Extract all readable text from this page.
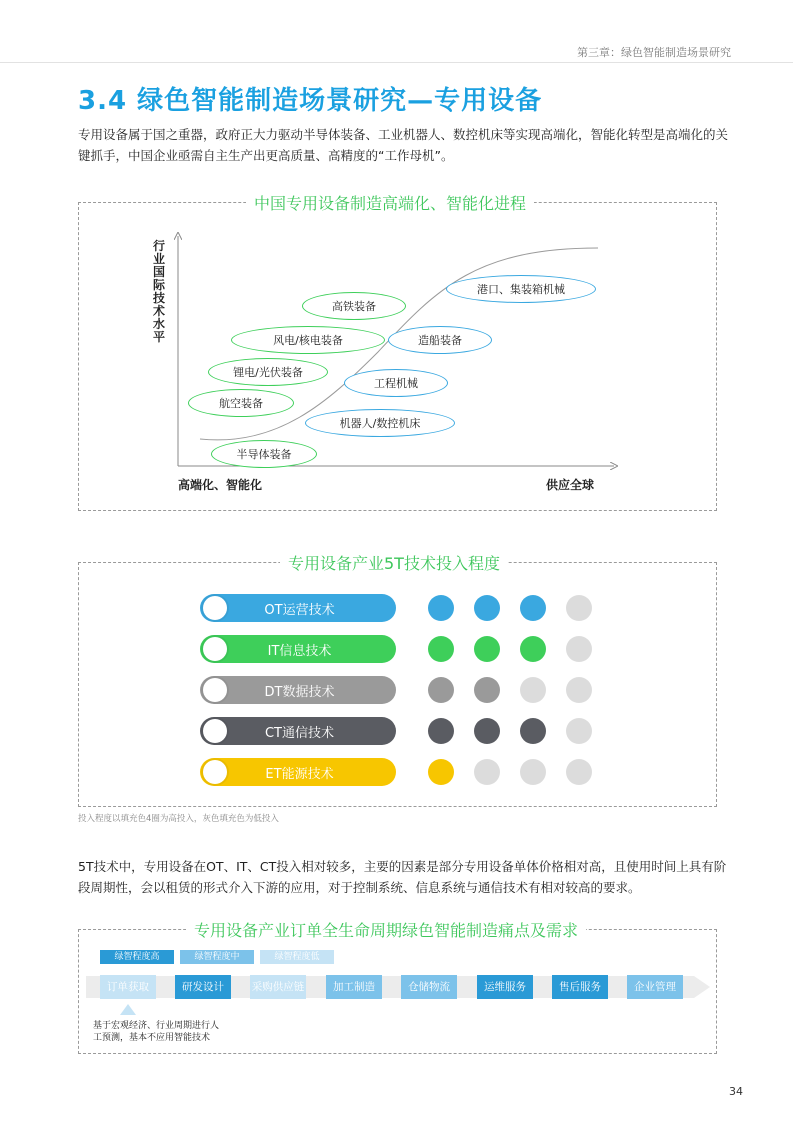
第三章：绿色智能制造场景研究
3.4 绿色智能制造场景研究—专用设备
专用设备属于国之重器，政府正大力驱动半导体装备、工业机器人、数控机床等实现高端化，智能化转型是高端化的关键抓手，中国企业亟需自主生产出更高质量、高精度的“工作母机”。
中国专用设备制造高端化、智能化进程
行业国际技术水平
高端化、智能化	供应全球
高铁装备
风电/核电装备
锂电/光伏装备
航空装备
半导体装备
港口、集装箱机械
造船装备
工程机械
机器人/数控机床
专用设备产业5T技术投入程度
OT运营技术
IT信息技术
DT数据技术
CT通信技术
ET能源技术
投入程度以填充色4圈为高投入，灰色填充色为低投入
5T技术中，专用设备在OT、IT、CT投入相对较多，主要的因素是部分专用设备单体价格相对高，且使用时间上具有阶段周期性，会以租赁的形式介入下游的应用，对于控制系统、信息系统与通信技术有相对较高的要求。
专用设备产业订单全生命周期绿色智能制造痛点及需求
绿智程度高	绿智程度中	绿智程度低
订单获取	研发设计	采购供应链	加工制造	仓储物流	运维服务	售后服务	企业管理
基于宏观经济、行业周期进行人
工预测，基本不应用智能技术
34
